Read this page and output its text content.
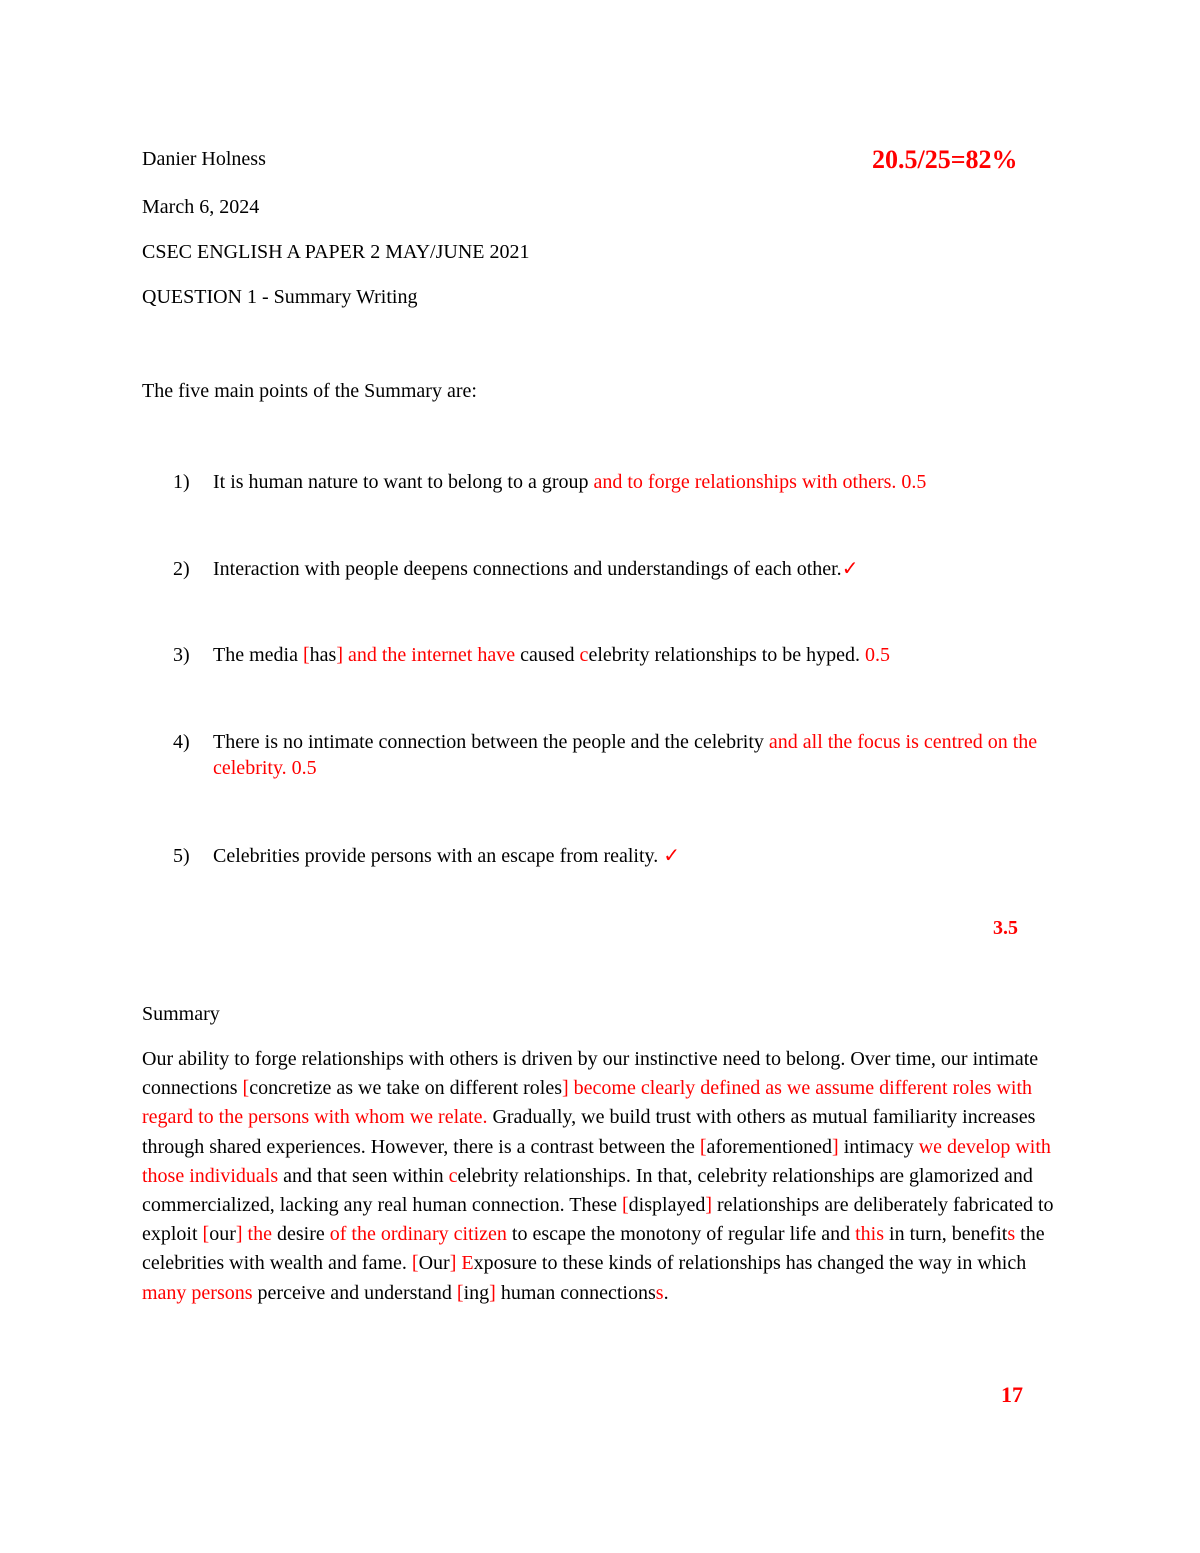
Danier Holness	20.5/25=82%
March 6, 2024
CSEC ENGLISH A PAPER 2 MAY/JUNE 2021
QUESTION 1 - Summary Writing
The five main points of the Summary are:
1) It is human nature to want to belong to a group and to forge relationships with others. 0.5
2) Interaction with people deepens connections and understandings of each other.✓
3) The media [has] and the internet have caused celebrity relationships to be hyped. 0.5
4) There is no intimate connection between the people and the celebrity and all the focus is centred on the celebrity. 0.5
5) Celebrities provide persons with an escape from reality. ✓
3.5
Summary
Our ability to forge relationships with others is driven by our instinctive need to belong. Over time, our intimate connections [concretize as we take on different roles] become clearly defined as we assume different roles with regard to the persons with whom we relate. Gradually, we build trust with others as mutual familiarity increases through shared experiences. However, there is a contrast between the [aforementioned] intimacy we develop with those individuals and that seen within celebrity relationships. In that, celebrity relationships are glamorized and commercialized, lacking any real human connection. These [displayed] relationships are deliberately fabricated to exploit [our] the desire of the ordinary citizen to escape the monotony of regular life and this in turn, benefits the celebrities with wealth and fame. [Our] Exposure to these kinds of relationships has changed the way in which many persons perceive and understand [ing] human connectionss.
17
